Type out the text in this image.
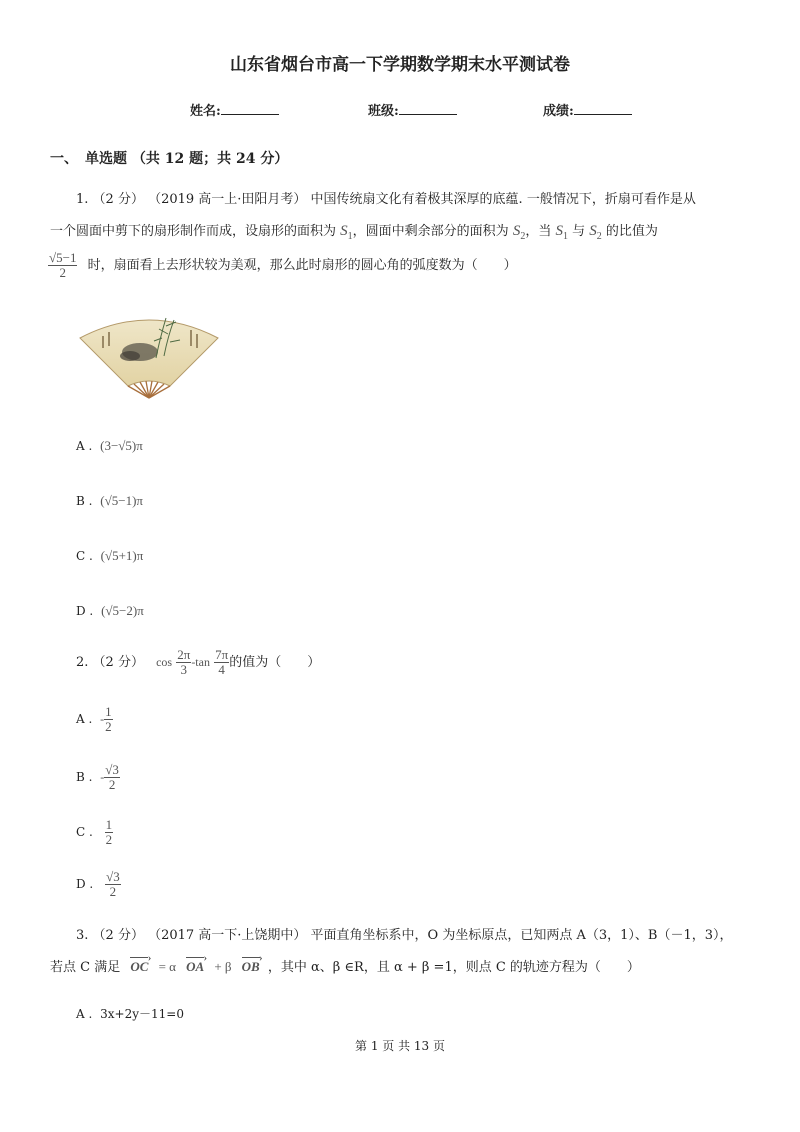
山东省烟台市高一下学期数学期末水平测试卷
姓名:	班级:	成绩:
一、　单选题 （共 12 题；共 24 分）
1. （2 分） （2019 高一上·田阳月考） 中国传统扇文化有着极其深厚的底蕴. 一般情况下，折扇可看作是从
一个圆面中剪下的扇形制作而成，设扇形的面积为 $S_1$，圆面中剩余部分的面积为 $S_2$，当 $S_1$ 与 $S_2$ 的比值为
$\frac{√5-1}{2}$ 时，扇面看上去形状较为美观，那么此时扇形的圆心角的弧度数为（　　）
A . (3−√5)π
B . (√5−1)π
C . (√5+1)π
D . (√5−2)π
2. （2 分） $\cos \frac{2\pi}{3} -\tan \frac{7\pi}{4}$ 的值为（　　）
A . - $\frac{1}{2}$
B . - $\frac{√3}{2}$
C . $\frac{1}{2}$
D . $\frac{√3}{2}$
3. （2 分） （2017 高一下·上饶期中） 平面直角坐标系中，O 为坐标原点，已知两点 A（3，1）、B（－1，3），
若点 C 满足 OC › = α OA › + β OB › ，其中 α、β ∈R，且 α + β =1，则点 C 的轨迹方程为（　　）
A . 3x+2y－11=0
第 1 页 共 13 页
